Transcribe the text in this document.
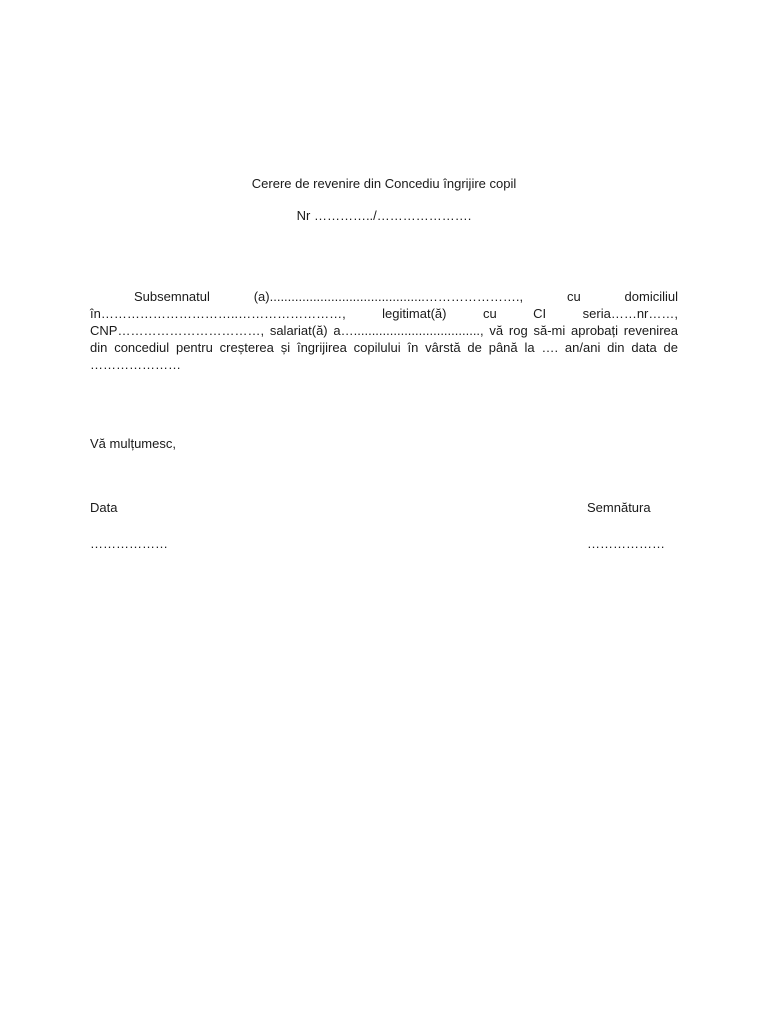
Cerere de revenire din Concediu îngrijire copil
Nr …………../………………….

Subsemnatul (a)...........................................…………………., cu domiciliul în…………………………..……………………, legitimat(ă) cu CI seria……nr……, CNP……………………………, salariat(ă) a…..................................., vă rog să-mi aprobați revenirea din concediul pentru creșterea și îngrijirea copilului în vârstă de până la …. an/ani din data de …………………

Vă mulțumesc,
Data
………………
Semnătura
………………
